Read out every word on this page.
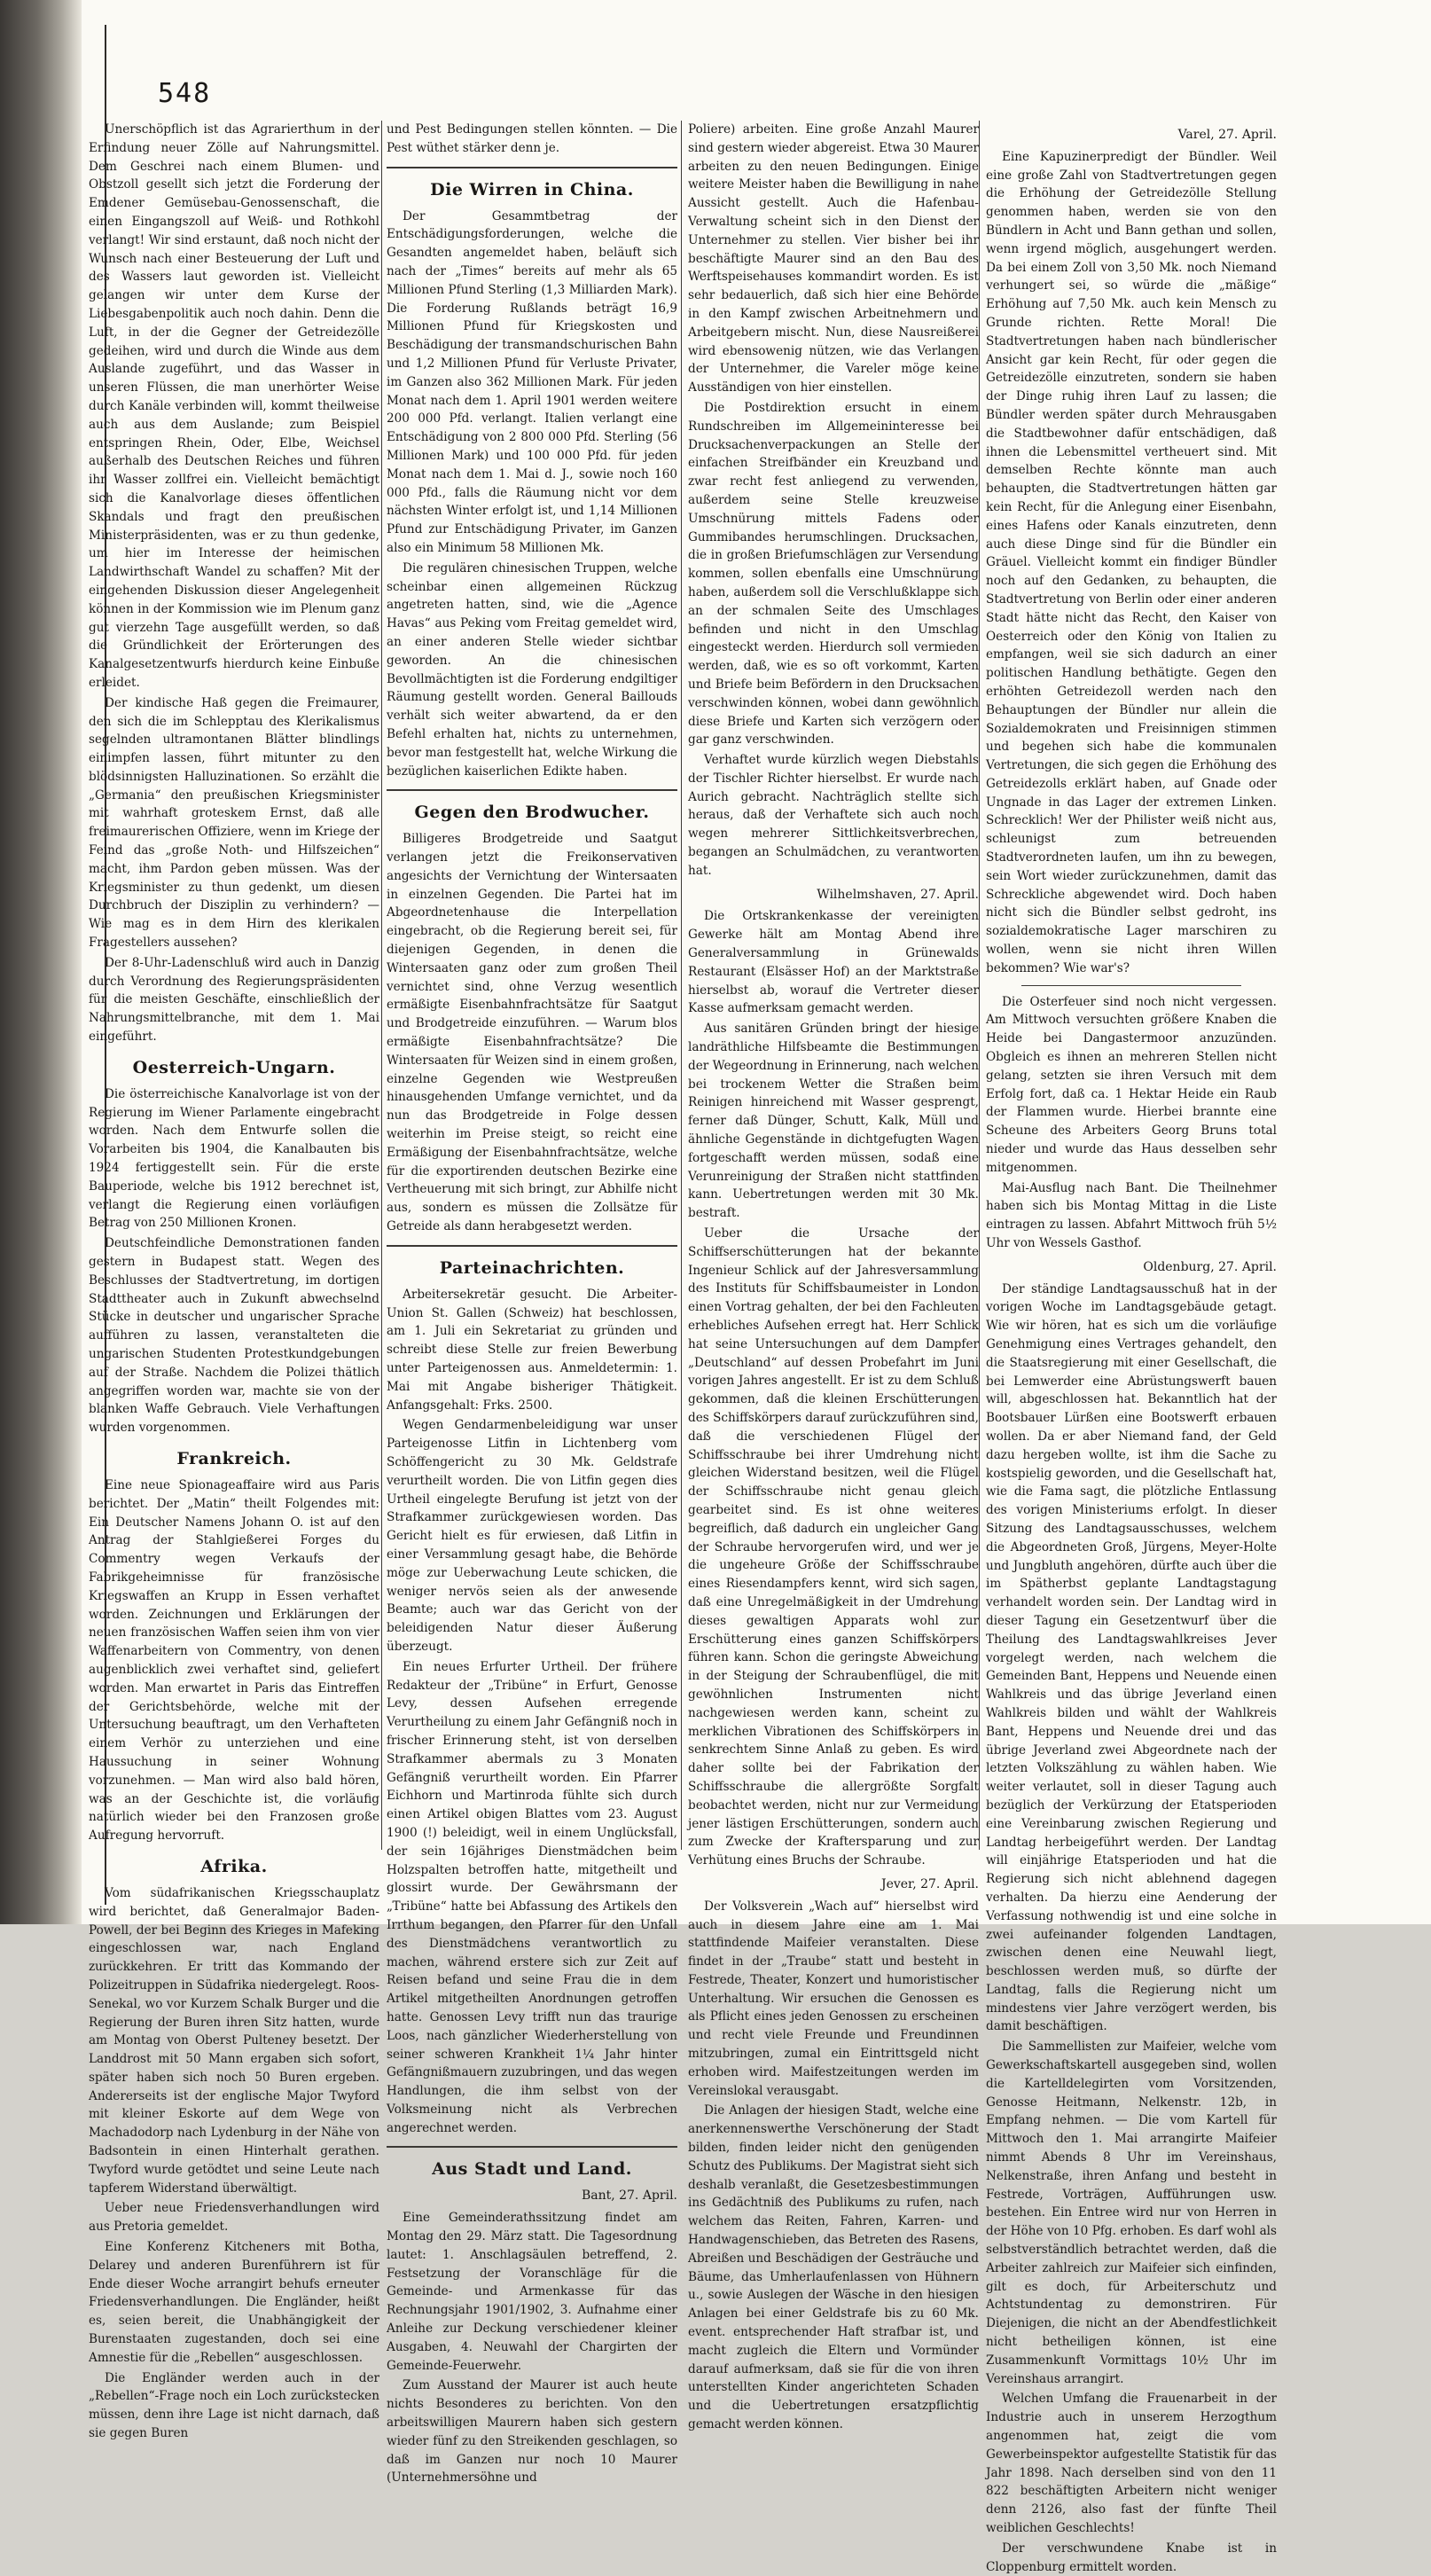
548

Unerschöpflich ist das Agrarierthum in der Erfindung neuer Zölle auf Nahrungsmittel. Dem Geschrei nach einem Blumen- und Obstzoll gesellt sich jetzt die Forderung der Emdener Gemüsebau-Genossenschaft, die einen Eingangszoll auf Weiß- und Rothkohl verlangt! Wir sind erstaunt, daß noch nicht der Wunsch nach einer Besteuerung der Luft und des Wassers laut geworden ist. Vielleicht gelangen wir unter dem Kurse der Liebesgabenpolitik auch noch dahin. Denn die Luft, in der die Gegner der Getreidezölle gedeihen, wird und durch die Winde aus dem Auslande zugeführt, und das Wasser in unseren Flüssen, die man unerhörter Weise durch Kanäle verbinden will, kommt theilweise auch aus dem Auslande; zum Beispiel entspringen Rhein, Oder, Elbe, Weichsel außerhalb des Deutschen Reiches und führen ihr Wasser zollfrei ein. Vielleicht bemächtigt sich die Kanalvorlage dieses öffentlichen Skandals und fragt den preußischen Ministerpräsidenten, was er zu thun gedenke, um hier im Interesse der heimischen Landwirthschaft Wandel zu schaffen? Mit der eingehenden Diskussion dieser Angelegenheit können in der Kommission wie im Plenum ganz gut vierzehn Tage ausgefüllt werden, so daß die Gründlichkeit der Erörterungen des Kanalgesetzentwurfs hierdurch keine Einbuße erleidet.

Der kindische Haß gegen die Freimaurer, den sich die im Schlepptau des Klerikalismus segelnden ultramontanen Blätter blindlings einimpfen lassen, führt mitunter zu den blödsinnigsten Halluzinationen. So erzählt die „Germania“ den preußischen Kriegsminister mit wahrhaft groteskem Ernst, daß alle freimaurerischen Offiziere, wenn im Kriege der Feind das „große Noth- und Hilfszeichen“ macht, ihm Pardon geben müssen. Was der Kriegsminister zu thun gedenkt, um diesen Durchbruch der Disziplin zu verhindern? — Wie mag es in dem Hirn des klerikalen Fragestellers aussehen?

Der 8-Uhr-Ladenschluß wird auch in Danzig durch Verordnung des Regierungspräsidenten für die meisten Geschäfte, einschließlich der Nahrungsmittelbranche, mit dem 1. Mai eingeführt.

Oesterreich-Ungarn.

Die österreichische Kanalvorlage ist von der Regierung im Wiener Parlamente eingebracht worden. Nach dem Entwurfe sollen die Vorarbeiten bis 1904, die Kanalbauten bis 1924 fertiggestellt sein. Für die erste Bauperiode, welche bis 1912 berechnet ist, verlangt die Regierung einen vorläufigen Betrag von 250 Millionen Kronen.

Deutschfeindliche Demonstrationen fanden gestern in Budapest statt. Wegen des Beschlusses der Stadtvertretung, im dortigen Stadttheater auch in Zukunft abwechselnd Stücke in deutscher und ungarischer Sprache aufführen zu lassen, veranstalteten die ungarischen Studenten Protestkundgebungen auf der Straße. Nachdem die Polizei thätlich angegriffen worden war, machte sie von der blanken Waffe Gebrauch. Viele Verhaftungen wurden vorgenommen.

Frankreich.

Eine neue Spionageaffaire wird aus Paris berichtet. Der „Matin“ theilt Folgendes mit: Ein Deutscher Namens Johann O. ist auf den Antrag der Stahlgießerei Forges du Commentry wegen Verkaufs der Fabrikgeheimnisse für französische Kriegswaffen an Krupp in Essen verhaftet worden. Zeichnungen und Erklärungen der neuen französischen Waffen seien ihm von vier Waffenarbeitern von Commentry, von denen augenblicklich zwei verhaftet sind, geliefert worden. Man erwartet in Paris das Eintreffen der Gerichtsbehörde, welche mit der Untersuchung beauftragt, um den Verhafteten einem Verhör zu unterziehen und eine Haussuchung in seiner Wohnung vorzunehmen. — Man wird also bald hören, was an der Geschichte ist, die vorläufig natürlich wieder bei den Franzosen große Aufregung hervorruft.

Afrika.

Vom südafrikanischen Kriegsschauplatz wird berichtet, daß Generalmajor Baden-Powell, der bei Beginn des Krieges in Mafeking eingeschlossen war, nach England zurückkehren. Er tritt das Kommando der Polizeitruppen in Südafrika niedergelegt. Roos-Senekal, wo vor Kurzem Schalk Burger und die Regierung der Buren ihren Sitz hatten, wurde am Montag von Oberst Pulteney besetzt. Der Landdrost mit 50 Mann ergaben sich sofort, später haben sich noch 50 Buren ergeben. Andererseits ist der englische Major Twyford mit kleiner Eskorte auf dem Wege von Machadodorp nach Lydenburg in der Nähe von Badsontein in einen Hinterhalt gerathen. Twyford wurde getödtet und seine Leute nach tapferem Widerstand überwältigt.

Ueber neue Friedensverhandlungen wird aus Pretoria gemeldet.

Eine Konferenz Kitcheners mit Botha, Delarey und anderen Burenführern ist für Ende dieser Woche arrangirt behufs erneuter Friedensverhandlungen. Die Engländer, heißt es, seien bereit, die Unabhängigkeit der Burenstaaten zugestanden, doch sei eine Amnestie für die „Rebellen“ ausgeschlossen.

Die Engländer werden auch in der „Rebellen“-Frage noch ein Loch zurückstecken müssen, denn ihre Lage ist nicht darnach, daß sie gegen Buren

und Pest Bedingungen stellen könnten. — Die Pest wüthet stärker denn je.

Die Wirren in China.

Der Gesammtbetrag der Entschädigungsforderungen, welche die Gesandten angemeldet haben, beläuft sich nach der „Times“ bereits auf mehr als 65 Millionen Pfund Sterling (1,3 Milliarden Mark). Die Forderung Rußlands beträgt 16,9 Millionen Pfund für Kriegskosten und Beschädigung der transmandschurischen Bahn und 1,2 Millionen Pfund für Verluste Privater, im Ganzen also 362 Millionen Mark. Für jeden Monat nach dem 1. April 1901 werden weitere 200 000 Pfd. verlangt. Italien verlangt eine Entschädigung von 2 800 000 Pfd. Sterling (56 Millionen Mark) und 100 000 Pfd. für jeden Monat nach dem 1. Mai d. J., sowie noch 160 000 Pfd., falls die Räumung nicht vor dem nächsten Winter erfolgt ist, und 1,14 Millionen Pfund zur Entschädigung Privater, im Ganzen also ein Minimum 58 Millionen Mk.

Die regulären chinesischen Truppen, welche scheinbar einen allgemeinen Rückzug angetreten hatten, sind, wie die „Agence Havas“ aus Peking vom Freitag gemeldet wird, an einer anderen Stelle wieder sichtbar geworden. An die chinesischen Bevollmächtigten ist die Forderung endgiltiger Räumung gestellt worden. General Baillouds verhält sich weiter abwartend, da er den Befehl erhalten hat, nichts zu unternehmen, bevor man festgestellt hat, welche Wirkung die bezüglichen kaiserlichen Edikte haben.

Gegen den Brodwucher.

Billigeres Brodgetreide und Saatgut verlangen jetzt die Freikonservativen angesichts der Vernichtung der Wintersaaten in einzelnen Gegenden. Die Partei hat im Abgeordnetenhause die Interpellation eingebracht, ob die Regierung bereit sei, für diejenigen Gegenden, in denen die Wintersaaten ganz oder zum großen Theil vernichtet sind, ohne Verzug wesentlich ermäßigte Eisenbahnfrachtsätze für Saatgut und Brodgetreide einzuführen. — Warum blos ermäßigte Eisenbahnfrachtsätze? Die Wintersaaten für Weizen sind in einem großen, einzelne Gegenden wie Westpreußen hinausgehenden Umfange vernichtet, und da nun das Brodgetreide in Folge dessen weiterhin im Preise steigt, so reicht eine Ermäßigung der Eisenbahnfrachtsätze, welche für die exportirenden deutschen Bezirke eine Vertheuerung mit sich bringt, zur Abhilfe nicht aus, sondern es müssen die Zollsätze für Getreide als dann herabgesetzt werden.

Parteinachrichten.

Arbeitersekretär gesucht. Die Arbeiter-Union St. Gallen (Schweiz) hat beschlossen, am 1. Juli ein Sekretariat zu gründen und schreibt diese Stelle zur freien Bewerbung unter Parteigenossen aus. Anmeldetermin: 1. Mai mit Angabe bisheriger Thätigkeit. Anfangsgehalt: Frks. 2500.

Wegen Gendarmenbeleidigung war unser Parteigenosse Litfin in Lichtenberg vom Schöffengericht zu 30 Mk. Geldstrafe verurtheilt worden. Die von Litfin gegen dies Urtheil eingelegte Berufung ist jetzt von der Strafkammer zurückgewiesen worden. Das Gericht hielt es für erwiesen, daß Litfin in einer Versammlung gesagt habe, die Behörde möge zur Ueberwachung Leute schicken, die weniger nervös seien als der anwesende Beamte; auch war das Gericht von der beleidigenden Natur dieser Äußerung überzeugt.

Ein neues Erfurter Urtheil. Der frühere Redakteur der „Tribüne“ in Erfurt, Genosse Levy, dessen Aufsehen erregende Verurtheilung zu einem Jahr Gefängniß noch in frischer Erinnerung steht, ist von derselben Strafkammer abermals zu 3 Monaten Gefängniß verurtheilt worden. Ein Pfarrer Eichhorn und Martinroda fühlte sich durch einen Artikel obigen Blattes vom 23. August 1900 (!) beleidigt, weil in einem Unglücksfall, der sein 16jähriges Dienstmädchen beim Holzspalten betroffen hatte, mitgetheilt und glossirt wurde. Der Gewährsmann der „Tribüne“ hatte bei Abfassung des Artikels den Irrthum begangen, den Pfarrer für den Unfall des Dienstmädchens verantwortlich zu machen, während erstere sich zur Zeit auf Reisen befand und seine Frau die in dem Artikel mitgetheilten Anordnungen getroffen hatte. Genossen Levy trifft nun das traurige Loos, nach gänzlicher Wiederherstellung von seiner schweren Krankheit 1¼ Jahr hinter Gefängnißmauern zuzubringen, und das wegen Handlungen, die ihm selbst von der Volksmeinung nicht als Verbrechen angerechnet werden.

Aus Stadt und Land.
Bant, 27. April.

Eine Gemeinderathssitzung findet am Montag den 29. März statt. Die Tagesordnung lautet: 1. Anschlagsäulen betreffend, 2. Festsetzung der Voranschläge für die Gemeinde- und Armenkasse für das Rechnungsjahr 1901/1902, 3. Aufnahme einer Anleihe zur Deckung verschiedener kleiner Ausgaben, 4. Neuwahl der Chargirten der Gemeinde-Feuerwehr.

Zum Ausstand der Maurer ist auch heute nichts Besonderes zu berichten. Von den arbeitswilligen Maurern haben sich gestern wieder fünf zu den Streikenden geschlagen, so daß im Ganzen nur noch 10 Maurer (Unternehmersöhne und

Poliere) arbeiten. Eine große Anzahl Maurer sind gestern wieder abgereist. Etwa 30 Maurer arbeiten zu den neuen Bedingungen. Einige weitere Meister haben die Bewilligung in nahe Aussicht gestellt. Auch die Hafenbau-Verwaltung scheint sich in den Dienst der Unternehmer zu stellen. Vier bisher bei ihr beschäftigte Maurer sind an den Bau des Werftspeisehauses kommandirt worden. Es ist sehr bedauerlich, daß sich hier eine Behörde in den Kampf zwischen Arbeitnehmern und Arbeitgebern mischt. Nun, diese Nausreißerei wird ebensowenig nützen, wie das Verlangen der Unternehmer, die Vareler möge keine Ausständigen von hier einstellen.

Die Postdirektion ersucht in einem Rundschreiben im Allgemeininteresse bei Drucksachenverpackungen an Stelle der einfachen Streifbänder ein Kreuzband und zwar recht fest anliegend zu verwenden, außerdem seine Stelle kreuzweise Umschnürung mittels Fadens oder Gummibandes herumschlingen. Drucksachen, die in großen Briefumschlägen zur Versendung kommen, sollen ebenfalls eine Umschnürung haben, außerdem soll die Verschlußklappe sich an der schmalen Seite des Umschlages befinden und nicht in den Umschlag eingesteckt werden. Hierdurch soll vermieden werden, daß, wie es so oft vorkommt, Karten und Briefe beim Befördern in den Drucksachen verschwinden können, wobei dann gewöhnlich diese Briefe und Karten sich verzögern oder gar ganz verschwinden.

Verhaftet wurde kürzlich wegen Diebstahls der Tischler Richter hierselbst. Er wurde nach Aurich gebracht. Nachträglich stellte sich heraus, daß der Verhaftete sich auch noch wegen mehrerer Sittlichkeitsverbrechen, begangen an Schulmädchen, zu verantworten hat.

Wilhelmshaven, 27. April.

Die Ortskrankenkasse der vereinigten Gewerke hält am Montag Abend ihre Generalversammlung in Grünewalds Restaurant (Elsässer Hof) an der Marktstraße hierselbst ab, worauf die Vertreter dieser Kasse aufmerksam gemacht werden.

Aus sanitären Gründen bringt der hiesige landräthliche Hilfsbeamte die Bestimmungen der Wegeordnung in Erinnerung, nach welchen bei trockenem Wetter die Straßen beim Reinigen hinreichend mit Wasser gesprengt, ferner daß Dünger, Schutt, Kalk, Müll und ähnliche Gegenstände in dichtgefugten Wagen fortgeschafft werden müssen, sodaß eine Verunreinigung der Straßen nicht stattfinden kann. Uebertretungen werden mit 30 Mk. bestraft.

Ueber die Ursache der Schiffserschütterungen hat der bekannte Ingenieur Schlick auf der Jahresversammlung des Instituts für Schiffsbaumeister in London einen Vortrag gehalten, der bei den Fachleuten erhebliches Aufsehen erregt hat. Herr Schlick hat seine Untersuchungen auf dem Dampfer „Deutschland“ auf dessen Probefahrt im Juni vorigen Jahres angestellt. Er ist zu dem Schluß gekommen, daß die kleinen Erschütterungen des Schiffskörpers darauf zurückzuführen sind, daß die verschiedenen Flügel der Schiffsschraube bei ihrer Umdrehung nicht gleichen Widerstand besitzen, weil die Flügel der Schiffsschraube nicht genau gleich gearbeitet sind. Es ist ohne weiteres begreiflich, daß dadurch ein ungleicher Gang der Schraube hervorgerufen wird, und wer je die ungeheure Größe der Schiffsschraube eines Riesendampfers kennt, wird sich sagen, daß eine Unregelmäßigkeit in der Umdrehung dieses gewaltigen Apparats wohl zur Erschütterung eines ganzen Schiffskörpers führen kann. Schon die geringste Abweichung in der Steigung der Schraubenflügel, die mit gewöhnlichen Instrumenten nicht nachgewiesen werden kann, scheint zu merklichen Vibrationen des Schiffskörpers in senkrechtem Sinne Anlaß zu geben. Es wird daher sollte bei der Fabrikation der Schiffsschraube die allergrößte Sorgfalt beobachtet werden, nicht nur zur Vermeidung jener lästigen Erschütterungen, sondern auch zum Zwecke der Kraftersparung und zur Verhütung eines Bruchs der Schraube.

Jever, 27. April.

Der Volksverein „Wach auf“ hierselbst wird auch in diesem Jahre eine am 1. Mai stattfindende Maifeier veranstalten. Diese findet in der „Traube“ statt und besteht in Festrede, Theater, Konzert und humoristischer Unterhaltung. Wir ersuchen die Genossen es als Pflicht eines jeden Genossen zu erscheinen und recht viele Freunde und Freundinnen mitzubringen, zumal ein Eintrittsgeld nicht erhoben wird. Maifestzeitungen werden im Vereinslokal verausgabt.

Die Anlagen der hiesigen Stadt, welche eine anerkennenswerthe Verschönerung der Stadt bilden, finden leider nicht den genügenden Schutz des Publikums. Der Magistrat sieht sich deshalb veranlaßt, die Gesetzesbestimmungen ins Gedächtniß des Publikums zu rufen, nach welchem das Reiten, Fahren, Karren- und Handwagenschieben, das Betreten des Rasens, Abreißen und Beschädigen der Gesträuche und Bäume, das Umherlaufenlassen von Hühnern u., sowie Auslegen der Wäsche in den hiesigen Anlagen bei einer Geldstrafe bis zu 60 Mk. event. entsprechender Haft strafbar ist, und macht zugleich die Eltern und Vormünder darauf aufmerksam, daß sie für die von ihren unterstellten Kinder angerichteten Schaden und die Uebertretungen ersatzpflichtig gemacht werden können.

Varel, 27. April.

Eine Kapuzinerpredigt der Bündler. Weil eine große Zahl von Stadtvertretungen gegen die Erhöhung der Getreidezölle Stellung genommen haben, werden sie von den Bündlern in Acht und Bann gethan und sollen, wenn irgend möglich, ausgehungert werden. Da bei einem Zoll von 3,50 Mk. noch Niemand verhungert sei, so würde die „mäßige“ Erhöhung auf 7,50 Mk. auch kein Mensch zu Grunde richten. Rette Moral! Die Stadtvertretungen haben nach bündlerischer Ansicht gar kein Recht, für oder gegen die Getreidezölle einzutreten, sondern sie haben der Dinge ruhig ihren Lauf zu lassen; die Bündler werden später durch Mehrausgaben die Stadtbewohner dafür entschädigen, daß ihnen die Lebensmittel vertheuert sind. Mit demselben Rechte könnte man auch behaupten, die Stadtvertretungen hätten gar kein Recht, für die Anlegung einer Eisenbahn, eines Hafens oder Kanals einzutreten, denn auch diese Dinge sind für die Bündler ein Gräuel. Vielleicht kommt ein findiger Bündler noch auf den Gedanken, zu behaupten, die Stadtvertretung von Berlin oder einer anderen Stadt hätte nicht das Recht, den Kaiser von Oesterreich oder den König von Italien zu empfangen, weil sie sich dadurch an einer politischen Handlung bethätigte. Gegen den erhöhten Getreidezoll werden nach den Behauptungen der Bündler nur allein die Sozialdemokraten und Freisinnigen stimmen und begehen sich habe die kommunalen Vertretungen, die sich gegen die Erhöhung des Getreidezolls erklärt haben, auf Gnade oder Ungnade in das Lager der extremen Linken. Schrecklich! Wer der Philister weiß nicht aus, schleunigst zum betreuenden Stadtverordneten laufen, um ihn zu bewegen, sein Wort wieder zurückzunehmen, damit das Schreckliche abgewendet wird. Doch haben nicht sich die Bündler selbst gedroht, ins sozialdemokratische Lager marschiren zu wollen, wenn sie nicht ihren Willen bekommen? Wie war's?

Die Osterfeuer sind noch nicht vergessen. Am Mittwoch versuchten größere Knaben die Heide bei Dangastermoor anzuzünden. Obgleich es ihnen an mehreren Stellen nicht gelang, setzten sie ihren Versuch mit dem Erfolg fort, daß ca. 1 Hektar Heide ein Raub der Flammen wurde. Hierbei brannte eine Scheune des Arbeiters Georg Bruns total nieder und wurde das Haus desselben sehr mitgenommen.

Mai-Ausflug nach Bant. Die Theilnehmer haben sich bis Montag Mittag in die Liste eintragen zu lassen. Abfahrt Mittwoch früh 5½ Uhr von Wessels Gasthof.

Oldenburg, 27. April.

Der ständige Landtagsausschuß hat in der vorigen Woche im Landtagsgebäude getagt. Wie wir hören, hat es sich um die vorläufige Genehmigung eines Vertrages gehandelt, den die Staatsregierung mit einer Gesellschaft, die bei Lemwerder eine Abrüstungswerft bauen will, abgeschlossen hat. Bekanntlich hat der Bootsbauer Lürßen eine Bootswerft erbauen wollen. Da er aber Niemand fand, der Geld dazu hergeben wollte, ist ihm die Sache zu kostspielig geworden, und die Gesellschaft hat, wie die Fama sagt, die plötzliche Entlassung des vorigen Ministeriums erfolgt. In dieser Sitzung des Landtagsausschusses, welchem die Abgeordneten Groß, Jürgens, Meyer-Holte und Jungbluth angehören, dürfte auch über die im Spätherbst geplante Landtagstagung verhandelt worden sein. Der Landtag wird in dieser Tagung ein Gesetzentwurf über die Theilung des Landtagswahlkreises Jever vorgelegt werden, nach welchem die Gemeinden Bant, Heppens und Neuende einen Wahlkreis und das übrige Jeverland einen Wahlkreis bilden und wählt der Wahlkreis Bant, Heppens und Neuende drei und das übrige Jeverland zwei Abgeordnete nach der letzten Volkszählung zu wählen haben. Wie weiter verlautet, soll in dieser Tagung auch bezüglich der Verkürzung der Etatsperioden eine Vereinbarung zwischen Regierung und Landtag herbeigeführt werden. Der Landtag will einjährige Etatsperioden und hat die Regierung sich nicht ablehnend dagegen verhalten. Da hierzu eine Aenderung der Verfassung nothwendig ist und eine solche in zwei aufeinander folgenden Landtagen, zwischen denen eine Neuwahl liegt, beschlossen werden muß, so dürfte der Landtag, falls die Regierung nicht um mindestens vier Jahre verzögert werden, bis damit beschäftigen.

Die Sammellisten zur Maifeier, welche vom Gewerkschaftskartell ausgegeben sind, wollen die Kartelldelegirten vom Vorsitzenden, Genosse Heitmann, Nelkenstr. 12b, in Empfang nehmen. — Die vom Kartell für Mittwoch den 1. Mai arrangirte Maifeier nimmt Abends 8 Uhr im Vereinshaus, Nelkenstraße, ihren Anfang und besteht in Festrede, Vorträgen, Aufführungen usw. bestehen. Ein Entree wird nur von Herren in der Höhe von 10 Pfg. erhoben. Es darf wohl als selbstverständlich betrachtet werden, daß die Arbeiter zahlreich zur Maifeier sich einfinden, gilt es doch, für Arbeiterschutz und Achtstundentag zu demonstriren. Für Diejenigen, die nicht an der Abendfestlichkeit nicht betheiligen können, ist eine Zusammenkunft Vormittags 10½ Uhr im Vereinshaus arrangirt.

Welchen Umfang die Frauenarbeit in der Industrie auch in unserem Herzogthum angenommen hat, zeigt die vom Gewerbeinspektor aufgestellte Statistik für das Jahr 1898. Nach derselben sind von den 11 822 beschäftigten Arbeitern nicht weniger denn 2126, also fast der fünfte Theil weiblichen Geschlechts!

Der verschwundene Knabe ist in Cloppenburg ermittelt worden.
